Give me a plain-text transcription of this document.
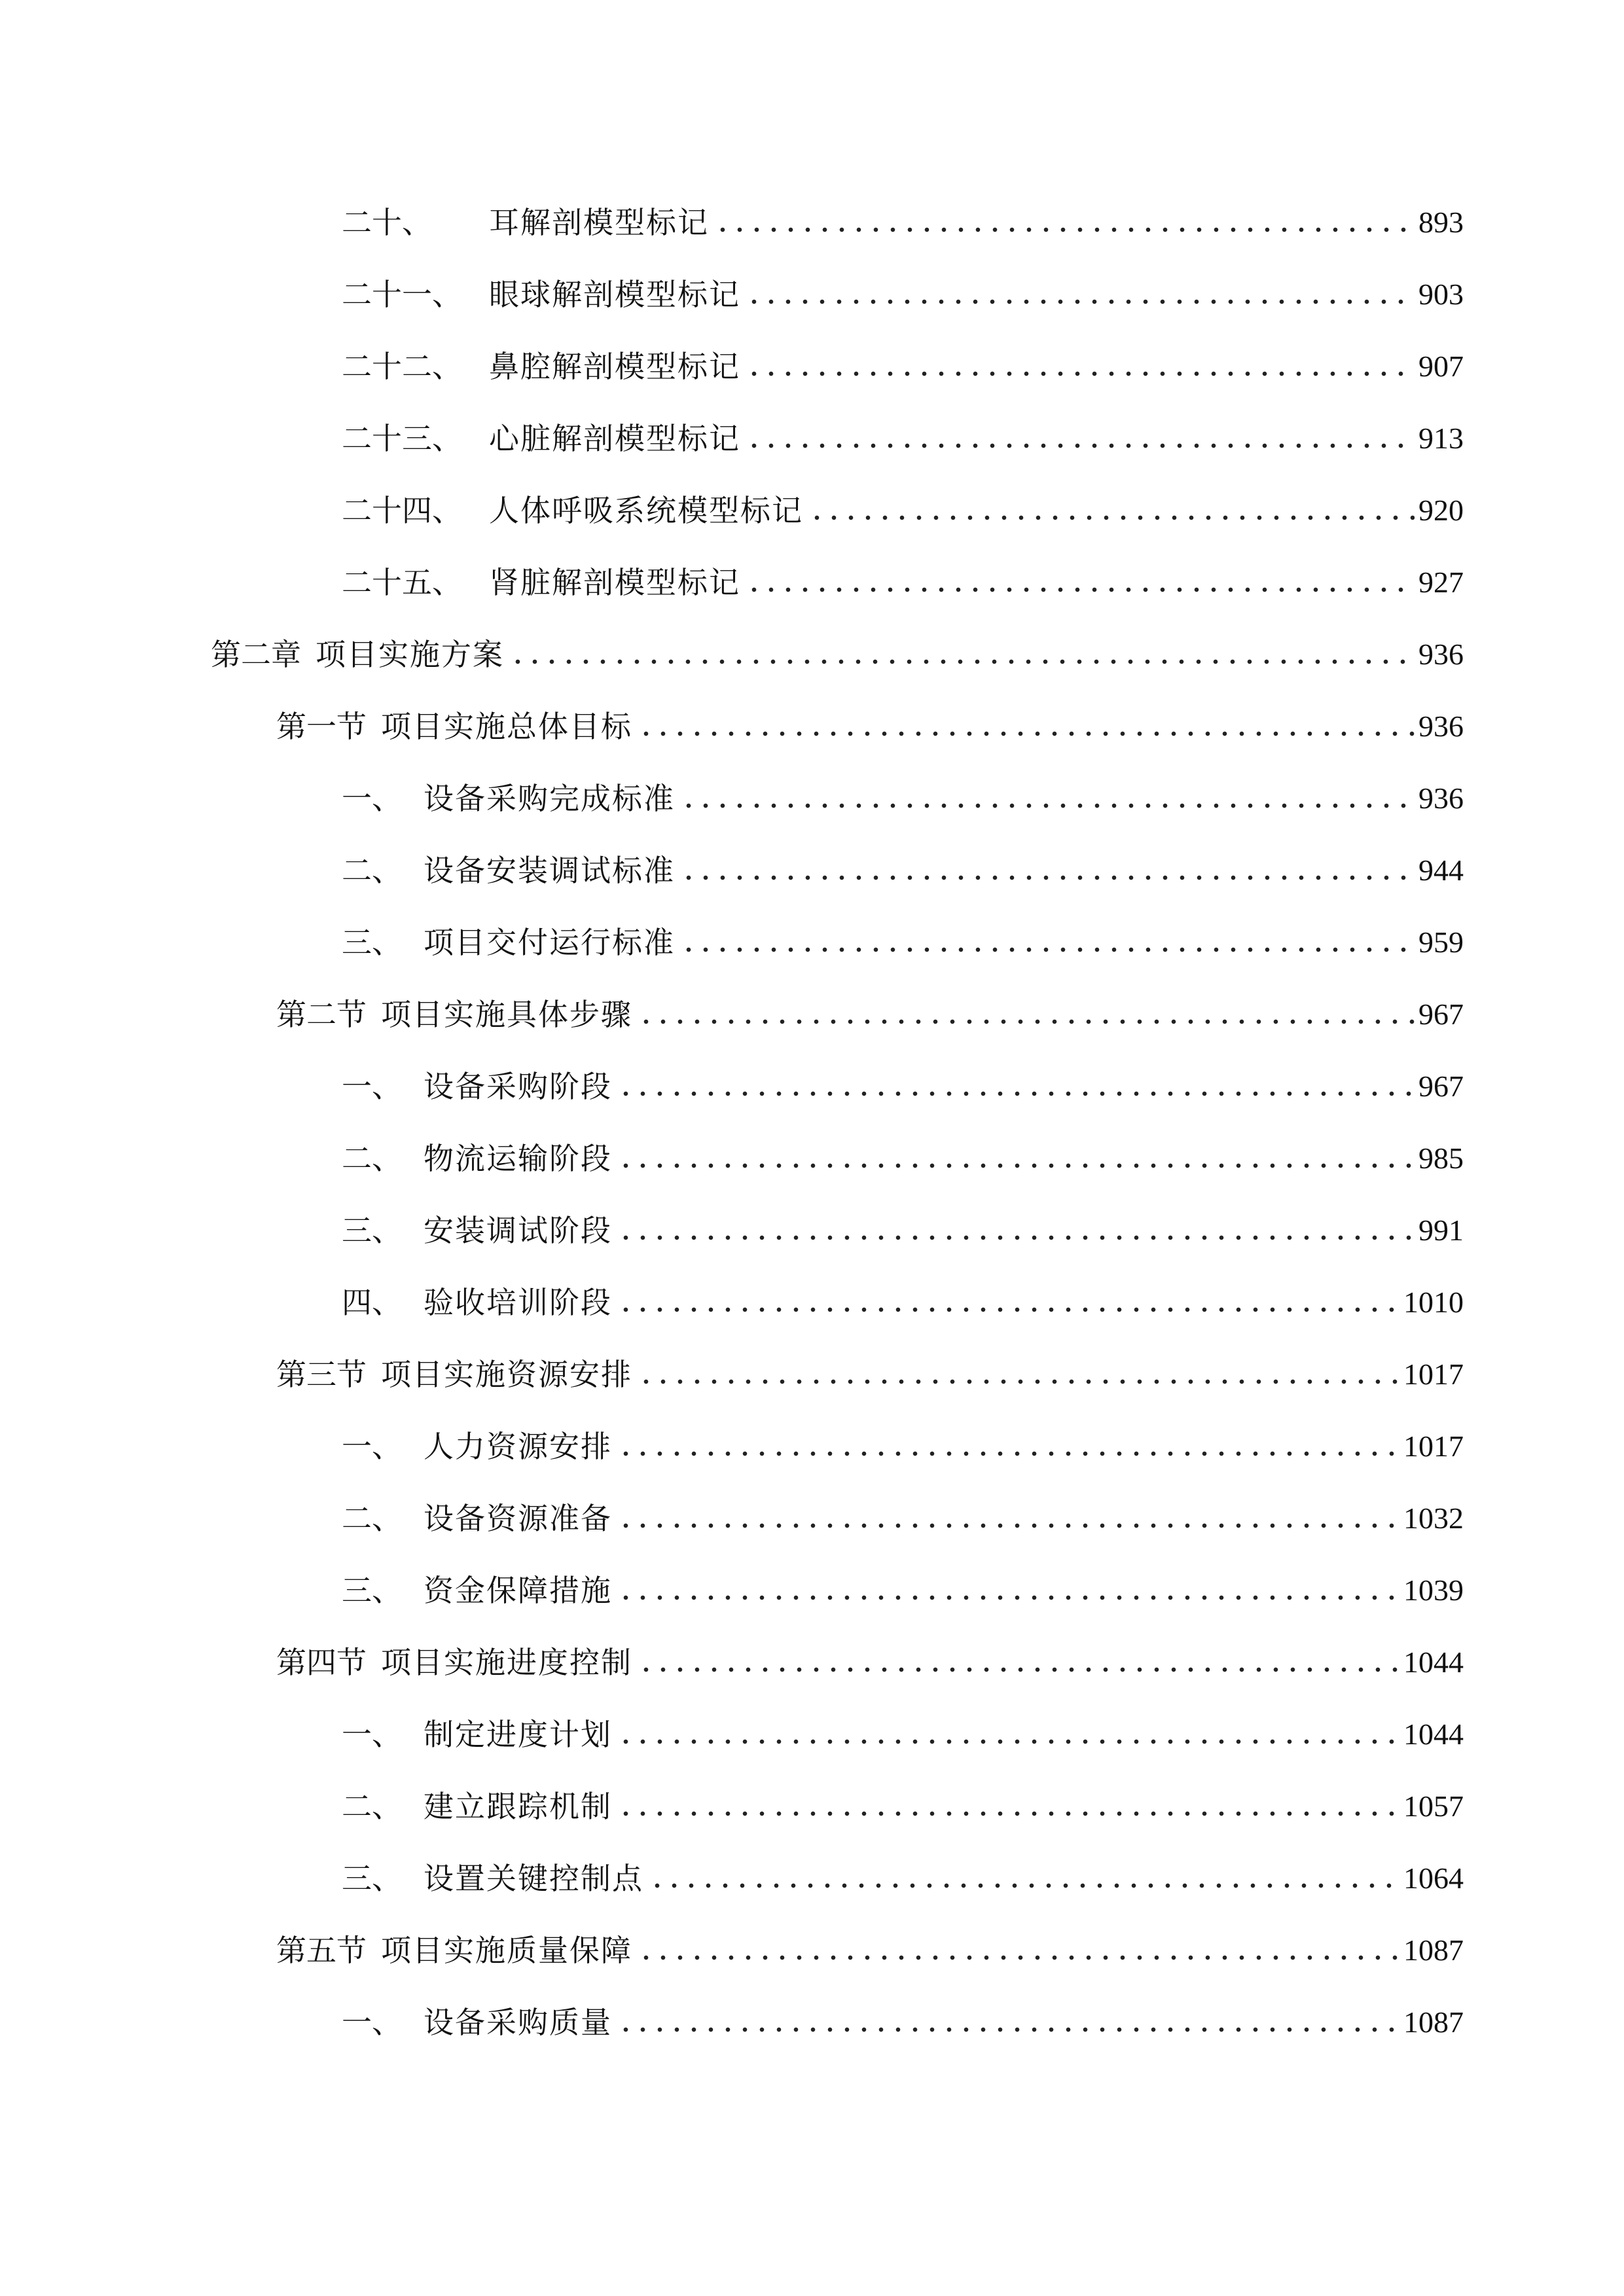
二十、	耳解剖模型标记	893
二十一、 眼球解剖模型标记	903
二十二、 鼻腔解剖模型标记	907
二十三、 心脏解剖模型标记	913
二十四、 人体呼吸系统模型标记	920
二十五、 肾脏解剖模型标记	927
第二章 项目实施方案	936
第一节 项目实施总体目标	936
一、 设备采购完成标准	936
二、 设备安装调试标准	944
三、 项目交付运行标准	959
第二节 项目实施具体步骤	967
一、 设备采购阶段	967
二、 物流运输阶段	985
三、 安装调试阶段	991
四、 验收培训阶段	1010
第三节 项目实施资源安排	1017
一、 人力资源安排	1017
二、 设备资源准备	1032
三、 资金保障措施	1039
第四节 项目实施进度控制	1044
一、 制定进度计划	1044
二、 建立跟踪机制	1057
三、 设置关键控制点	1064
第五节 项目实施质量保障	1087
一、 设备采购质量	1087
